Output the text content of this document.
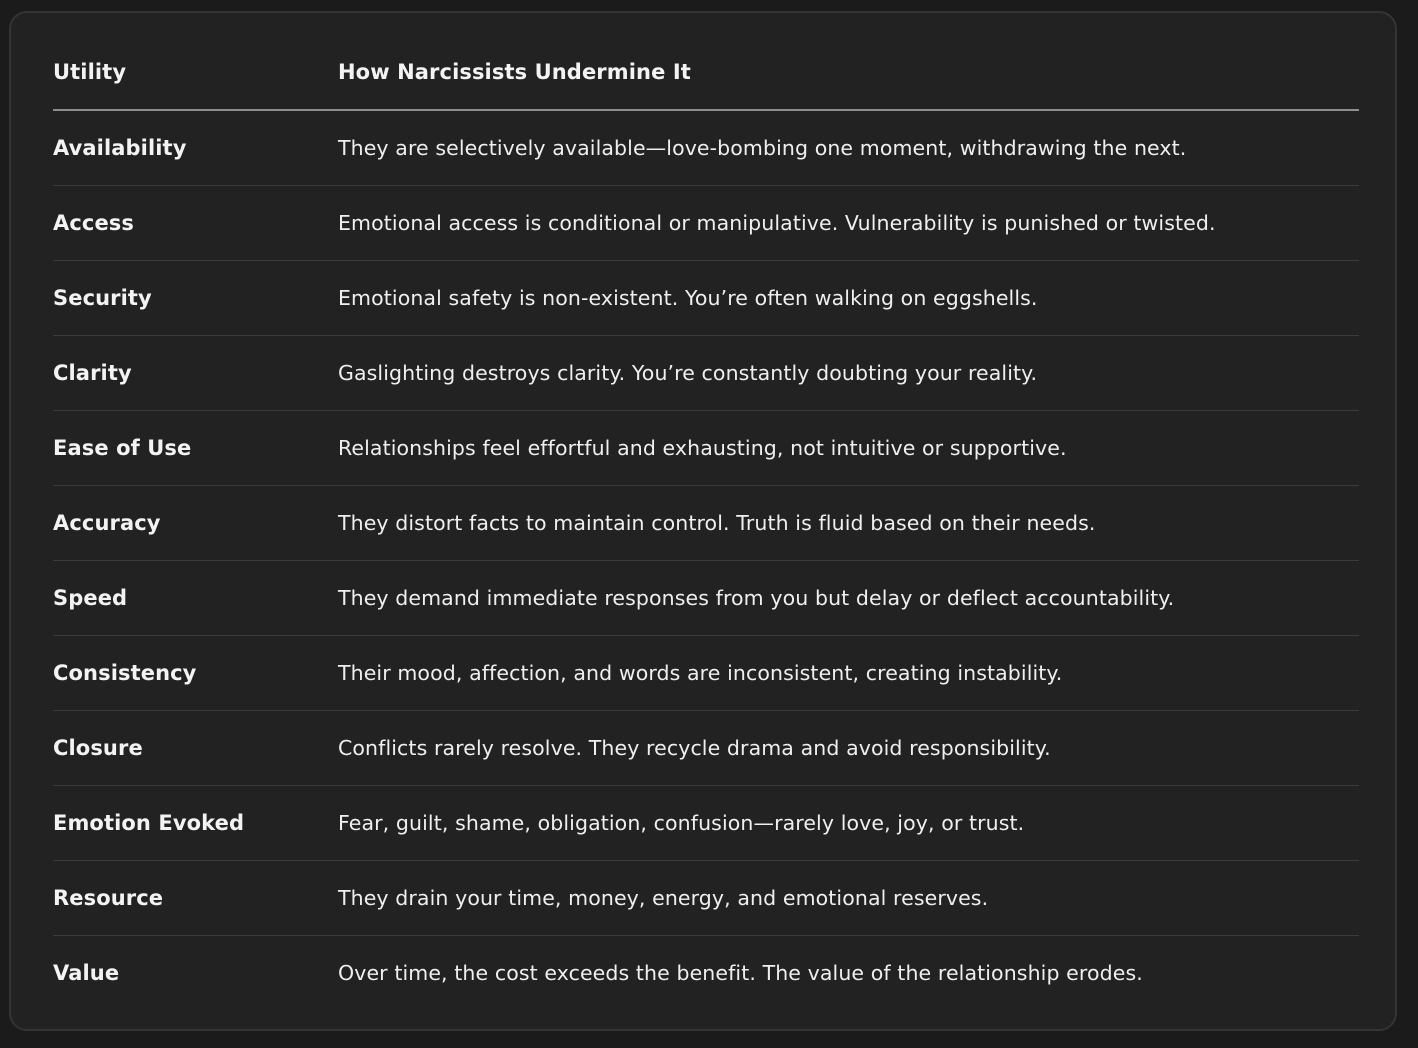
Utility	How Narcissists Undermine It
Availability	They are selectively available—love-bombing one moment, withdrawing the next.
Access	Emotional access is conditional or manipulative. Vulnerability is punished or twisted.
Security	Emotional safety is non-existent. You’re often walking on eggshells.
Clarity	Gaslighting destroys clarity. You’re constantly doubting your reality.
Ease of Use	Relationships feel effortful and exhausting, not intuitive or supportive.
Accuracy	They distort facts to maintain control. Truth is fluid based on their needs.
Speed	They demand immediate responses from you but delay or deflect accountability.
Consistency	Their mood, affection, and words are inconsistent, creating instability.
Closure	Conflicts rarely resolve. They recycle drama and avoid responsibility.
Emotion Evoked	Fear, guilt, shame, obligation, confusion—rarely love, joy, or trust.
Resource	They drain your time, money, energy, and emotional reserves.
Value	Over time, the cost exceeds the benefit. The value of the relationship erodes.
